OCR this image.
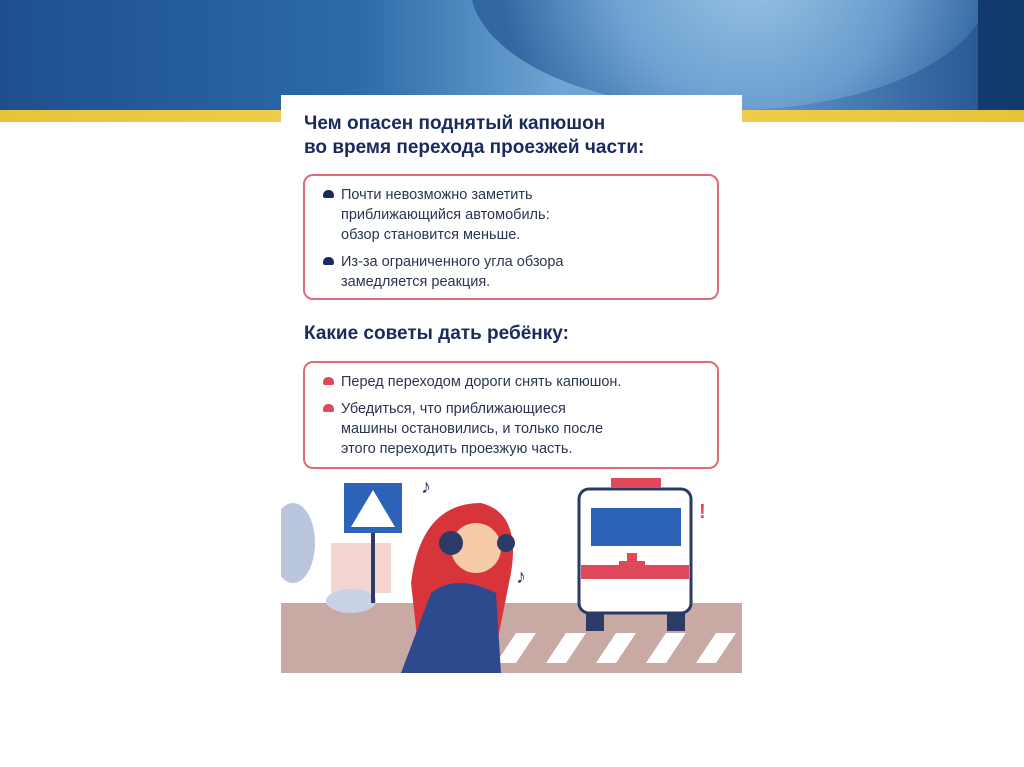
Чем опасен поднятый капюшон
во время перехода проезжей части:
Почти невозможно заметить
приближающийся автомобиль:
обзор становится меньше.
Из-за ограниченного угла обзора
замедляется реакция.
Какие советы дать ребёнку:
Перед переходом дороги снять капюшон.
Убедиться, что приближающиеся
машины остановились, и только после
этого переходить проезжую часть.
♪
♪
!
